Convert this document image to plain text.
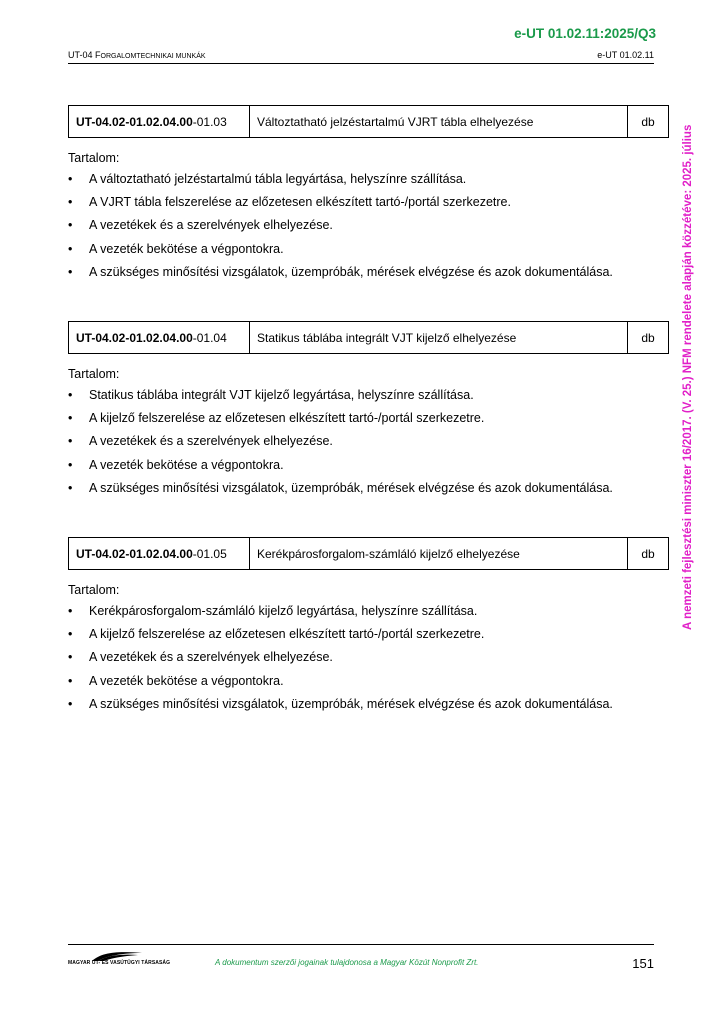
e-UT 01.02.11:2025/Q3
UT-04 FORGALOMTECHNIKAI MUNKÁK	e-UT 01.02.11
A nemzeti fejlesztési miniszter 16/2017. (V. 25.) NFM rendelete alapján közzétéve: 2025. július
UT-04.02-01.02.04.00 -01.03	Változtatható jelzéstartalmú VJRT tábla elhelyezése	db
Tartalom:
• A változtatható jelzéstartalmú tábla legyártása, helyszínre szállítása.
• A VJRT tábla felszerelése az előzetesen elkészített tartó-/portál szerkezetre.
• A vezetékek és a szerelvények elhelyezése.
• A vezeték bekötése a végpontokra.
• A szükséges minősítési vizsgálatok, üzempróbák, mérések elvégzése és azok dokumentálása.
UT-04.02-01.02.04.00 -01.04	Statikus táblába integrált VJT kijelző elhelyezése	db
Tartalom:
• Statikus táblába integrált VJT kijelző legyártása, helyszínre szállítása.
• A kijelző felszerelése az előzetesen elkészített tartó-/portál szerkezetre.
• A vezetékek és a szerelvények elhelyezése.
• A vezeték bekötése a végpontokra.
• A szükséges minősítési vizsgálatok, üzempróbák, mérések elvégzése és azok dokumentálása.
UT-04.02-01.02.04.00 -01.05	Kerékpárosforgalom-számláló kijelző elhelyezése	db
Tartalom:
• Kerékpárosforgalom-számláló kijelző legyártása, helyszínre szállítása.
• A kijelző felszerelése az előzetesen elkészített tartó-/portál szerkezetre.
• A vezetékek és a szerelvények elhelyezése.
• A vezeték bekötése a végpontokra.
• A szükséges minősítési vizsgálatok, üzempróbák, mérések elvégzése és azok dokumentálása.
MAGYAR UT- ÉS VASÚTÜGYI TÁRSASÁG	A dokumentum szerzői jogainak tulajdonosa a Magyar Közút Nonprofit Zrt.	151
